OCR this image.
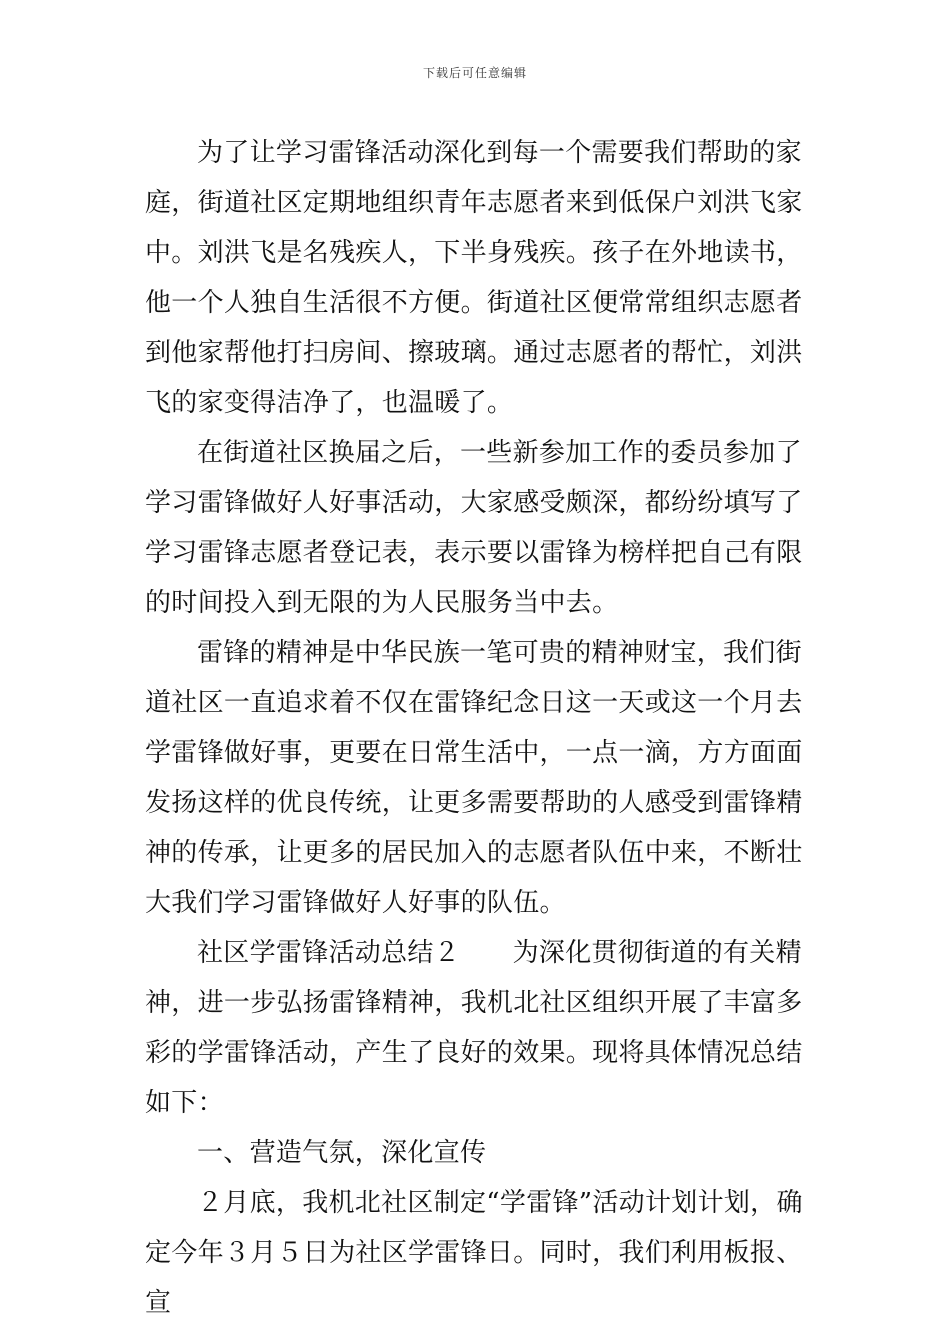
下载后可任意编辑

为了让学习雷锋活动深化到每一个需要我们帮助的家庭，街道社区定期地组织青年志愿者来到低保户刘洪飞家中。刘洪飞是名残疾人，下半身残疾。孩子在外地读书，他一个人独自生活很不方便。街道社区便常常组织志愿者到他家帮他打扫房间、擦玻璃。通过志愿者的帮忙，刘洪飞的家变得洁净了，也温暖了。

在街道社区换届之后，一些新参加工作的委员参加了学习雷锋做好人好事活动，大家感受颇深，都纷纷填写了学习雷锋志愿者登记表，表示要以雷锋为榜样把自己有限的时间投入到无限的为人民服务当中去。

雷锋的精神是中华民族一笔可贵的精神财宝，我们街道社区一直追求着不仅在雷锋纪念日这一天或这一个月去学雷锋做好事，更要在日常生活中，一点一滴，方方面面发扬这样的优良传统，让更多需要帮助的人感受到雷锋精神的传承，让更多的居民加入的志愿者队伍中来，不断壮大我们学习雷锋做好人好事的队伍。

社区学雷锋活动总结２　　为深化贯彻街道的有关精神，进一步弘扬雷锋精神，我机北社区组织开展了丰富多彩的学雷锋活动，产生了良好的效果。现将具体情况总结如下：

一、营造气氛，深化宣传

２月底，我机北社区制定“学雷锋”活动计划计划，确定今年３月５日为社区学雷锋日。同时，我们利用板报、宣
